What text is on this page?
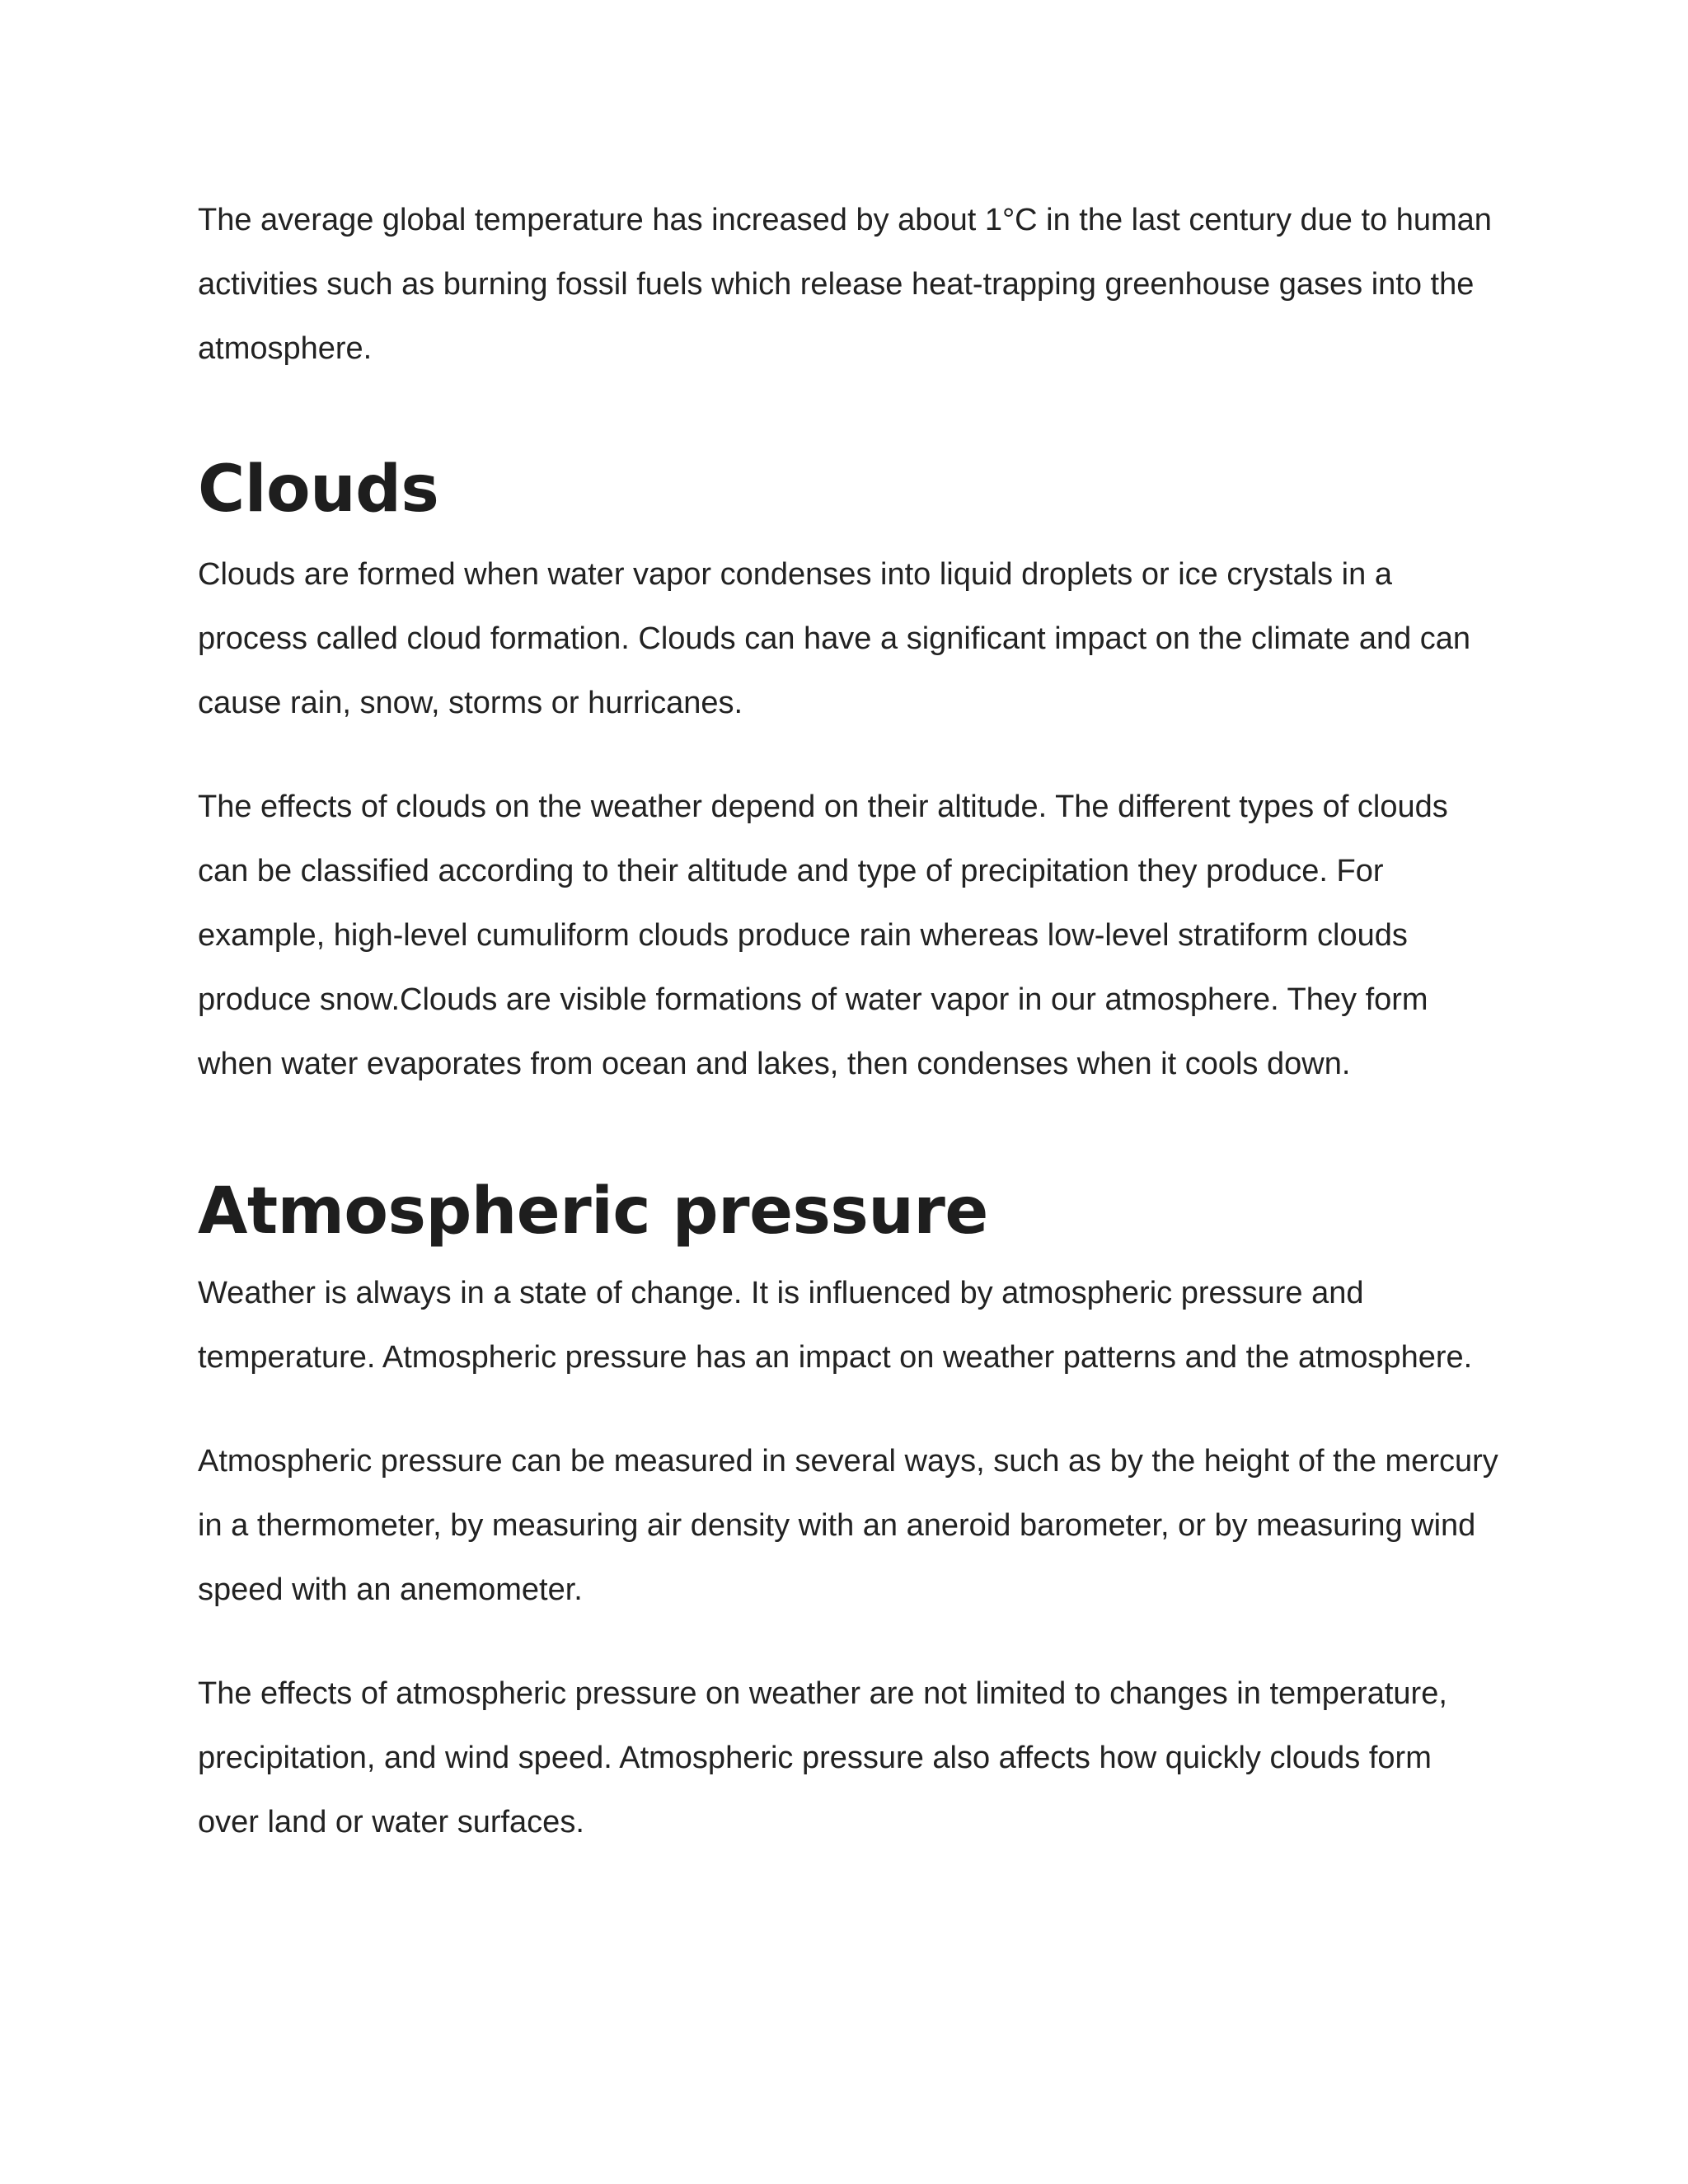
The average global temperature has increased by about 1°C in the last century due to human activities such as burning fossil fuels which release heat-trapping greenhouse gases into the atmosphere.

Clouds

Clouds are formed when water vapor condenses into liquid droplets or ice crystals in a process called cloud formation. Clouds can have a significant impact on the climate and can cause rain, snow, storms or hurricanes.

The effects of clouds on the weather depend on their altitude. The different types of clouds can be classified according to their altitude and type of precipitation they produce. For example, high-level cumuliform clouds produce rain whereas low-level stratiform clouds produce snow.Clouds are visible formations of water vapor in our atmosphere. They form when water evaporates from ocean and lakes, then condenses when it cools down.

Atmospheric pressure

Weather is always in a state of change. It is influenced by atmospheric pressure and temperature. Atmospheric pressure has an impact on weather patterns and the atmosphere.

Atmospheric pressure can be measured in several ways, such as by the height of the mercury in a thermometer, by measuring air density with an aneroid barometer, or by measuring wind speed with an anemometer.

The effects of atmospheric pressure on weather are not limited to changes in temperature, precipitation, and wind speed. Atmospheric pressure also affects how quickly clouds form over land or water surfaces.
